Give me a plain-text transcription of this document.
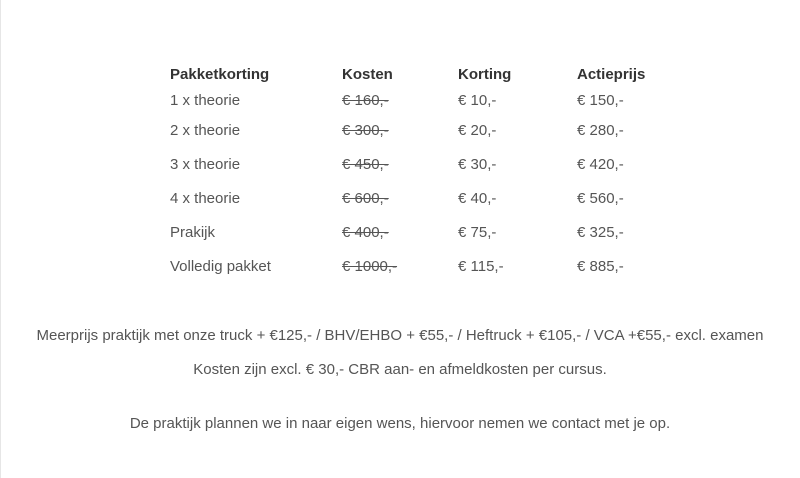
Pakketkorting	Kosten	Korting	Actieprijs
1 x theorie	€ 160,-	€ 10,-	€ 150,-
2 x theorie	€ 300,-	€ 20,-	€ 280,-
3 x theorie	€ 450,-	€ 30,-	€ 420,-
4 x theorie	€ 600,-	€ 40,-	€ 560,-
Prakijk	€ 400,-	€ 75,-	€ 325,-
Volledig pakket	€ 1000,-	€ 115,-	€ 885,-
Meerprijs praktijk met onze truck + €125,- / BHV/EHBO + €55,- / Heftruck + €105,- / VCA +€55,- excl. examen
Kosten zijn excl. € 30,- CBR aan- en afmeldkosten per cursus.
De praktijk plannen we in naar eigen wens, hiervoor nemen we contact met je op.
